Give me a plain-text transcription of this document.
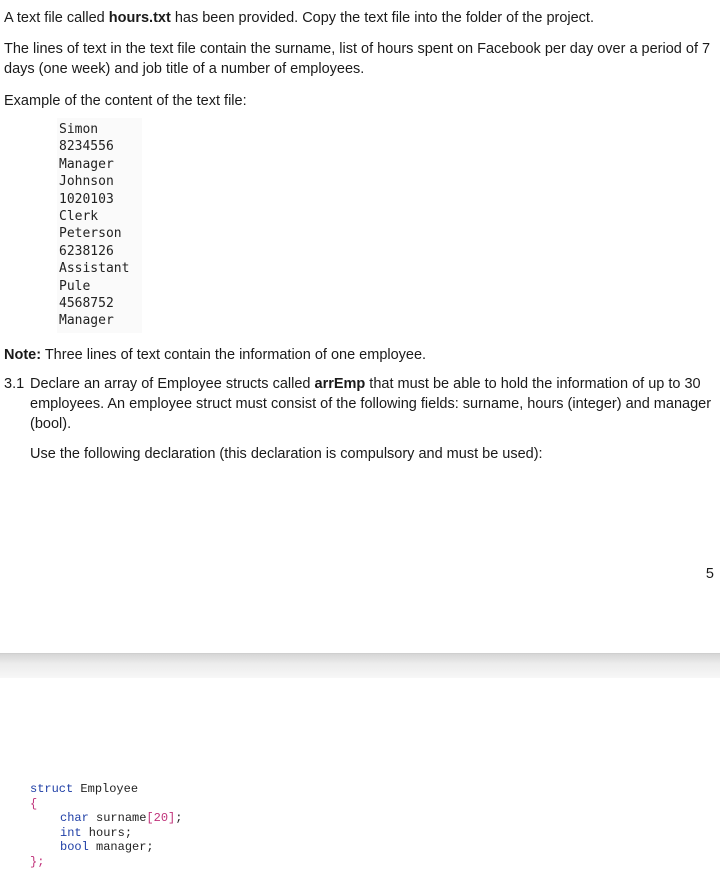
A text file called hours.txt has been provided. Copy the text file into the folder of the project.

The lines of text in the text file contain the surname, list of hours spent on Facebook per day over a period of 7 days (one week) and job title of a number of employees.

Example of the content of the text file:

Simon
8234556
Manager
Johnson
1020103
Clerk
Peterson
6238126
Assistant
Pule
4568752
Manager

Note: Three lines of text contain the information of one employee.

3.1 Declare an array of Employee structs called arrEmp that must be able to hold the information of up to 30 employees. An employee struct must consist of the following fields: surname, hours (integer) and manager (bool).
Use the following declaration (this declaration is compulsory and must be used):
5
struct Employee
{
char surname[20];
int hours;
bool manager;
};
